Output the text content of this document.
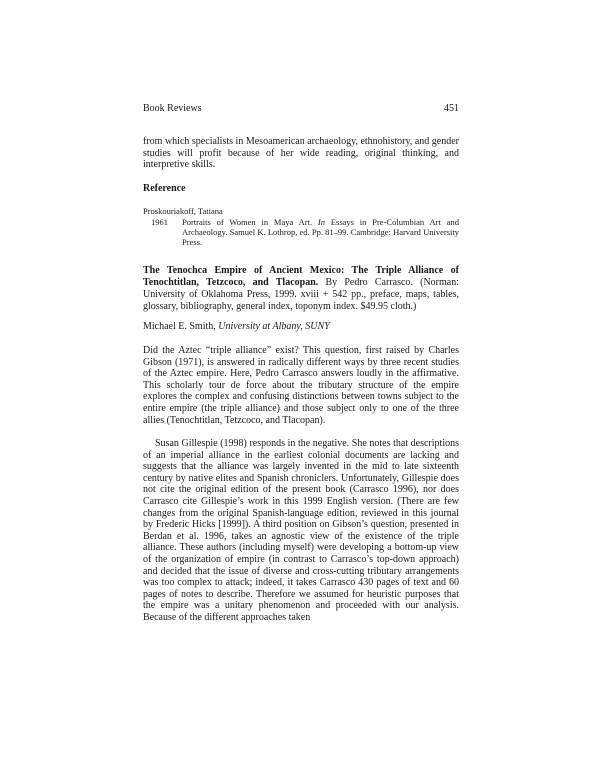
Book Reviews	451
from which specialists in Mesoamerican archaeology, ethnohistory, and gender studies will profit because of her wide reading, original thinking, and interpretive skills.
Reference
Proskouriakoff, Tatiana
1961 Portraits of Women in Maya Art. In Essays in Pre-Columbian Art and Archaeology. Samuel K. Lothrop, ed. Pp. 81–99. Cambridge: Harvard University Press.
The Tenochca Empire of Ancient Mexico: The Triple Alliance of Tenochtitlan, Tetzcoco, and Tlacopan. By Pedro Carrasco. (Norman: University of Oklahoma Press, 1999. xviii + 542 pp., preface, maps, tables, glossary, bibliography, general index, toponym index. $49.95 cloth.)
Michael E. Smith, University at Albany, SUNY
Did the Aztec “triple alliance” exist? This question, first raised by Charles Gibson (1971), is answered in radically different ways by three recent studies of the Aztec empire. Here, Pedro Carrasco answers loudly in the affirmative. This scholarly tour de force about the tributary structure of the empire explores the complex and confusing distinctions between towns subject to the entire empire (the triple alliance) and those subject only to one of the three allies (Tenochtitlan, Tetzcoco, and Tlacopan).
Susan Gillespie (1998) responds in the negative. She notes that descriptions of an imperial alliance in the earliest colonial documents are lacking and suggests that the alliance was largely invented in the mid to late sixteenth century by native elites and Spanish chroniclers. Unfortunately, Gillespie does not cite the original edition of the present book (Carrasco 1996), nor does Carrasco cite Gillespie’s work in this 1999 English version. (There are few changes from the original Spanish-language edition, reviewed in this journal by Frederic Hicks [1999]). A third position on Gibson’s question, presented in Berdan et al. 1996, takes an agnostic view of the existence of the triple alliance. These authors (including myself) were developing a bottom-up view of the organization of empire (in contrast to Carrasco’s top-down approach) and decided that the issue of diverse and cross-cutting tributary arrangements was too complex to attack; indeed, it takes Carrasco 430 pages of text and 60 pages of notes to describe. Therefore we assumed for heuristic purposes that the empire was a unitary phenomenon and proceeded with our analysis. Because of the different approaches taken
